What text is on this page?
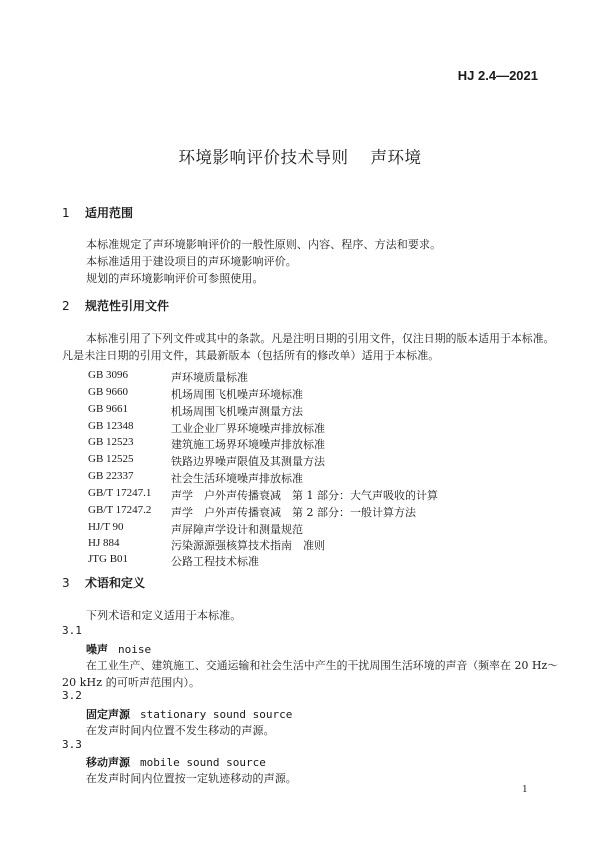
HJ 2.4—2021
环境影响评价技术导则 声环境
1 适用范围
本标准规定了声环境影响评价的一般性原则、内容、程序、方法和要求。
本标准适用于建设项目的声环境影响评价。
规划的声环境影响评价可参照使用。
2 规范性引用文件
本标准引用了下列文件或其中的条款。凡是注明日期的引用文件，仅注日期的版本适用于本标准。
凡是未注日期的引用文件，其最新版本（包括所有的修改单）适用于本标准。
GB 3096	声环境质量标准
GB 9660	机场周围飞机噪声环境标准
GB 9661	机场周围飞机噪声测量方法
GB 12348	工业企业厂界环境噪声排放标准
GB 12523	建筑施工场界环境噪声排放标准
GB 12525	铁路边界噪声限值及其测量方法
GB 22337	社会生活环境噪声排放标准
GB/T 17247.1 声学　户外声传播衰减　第 1 部分：大气声吸收的计算
GB/T 17247.2 声学　户外声传播衰减　第 2 部分：一般计算方法
HJ/T 90	声屏障声学设计和测量规范
HJ 884	污染源源强核算技术指南　准则
JTG B01	公路工程技术标准
3 术语和定义
下列术语和定义适用于本标准。
3.1
噪声 noise
在工业生产、建筑施工、交通运输和社会生活中产生的干扰周围生活环境的声音（频率在 20 Hz～
20 kHz 的可听声范围内）。
3.2
固定声源 stationary sound source
在发声时间内位置不发生移动的声源。
3.3
移动声源 mobile sound source
在发声时间内位置按一定轨迹移动的声源。
1
